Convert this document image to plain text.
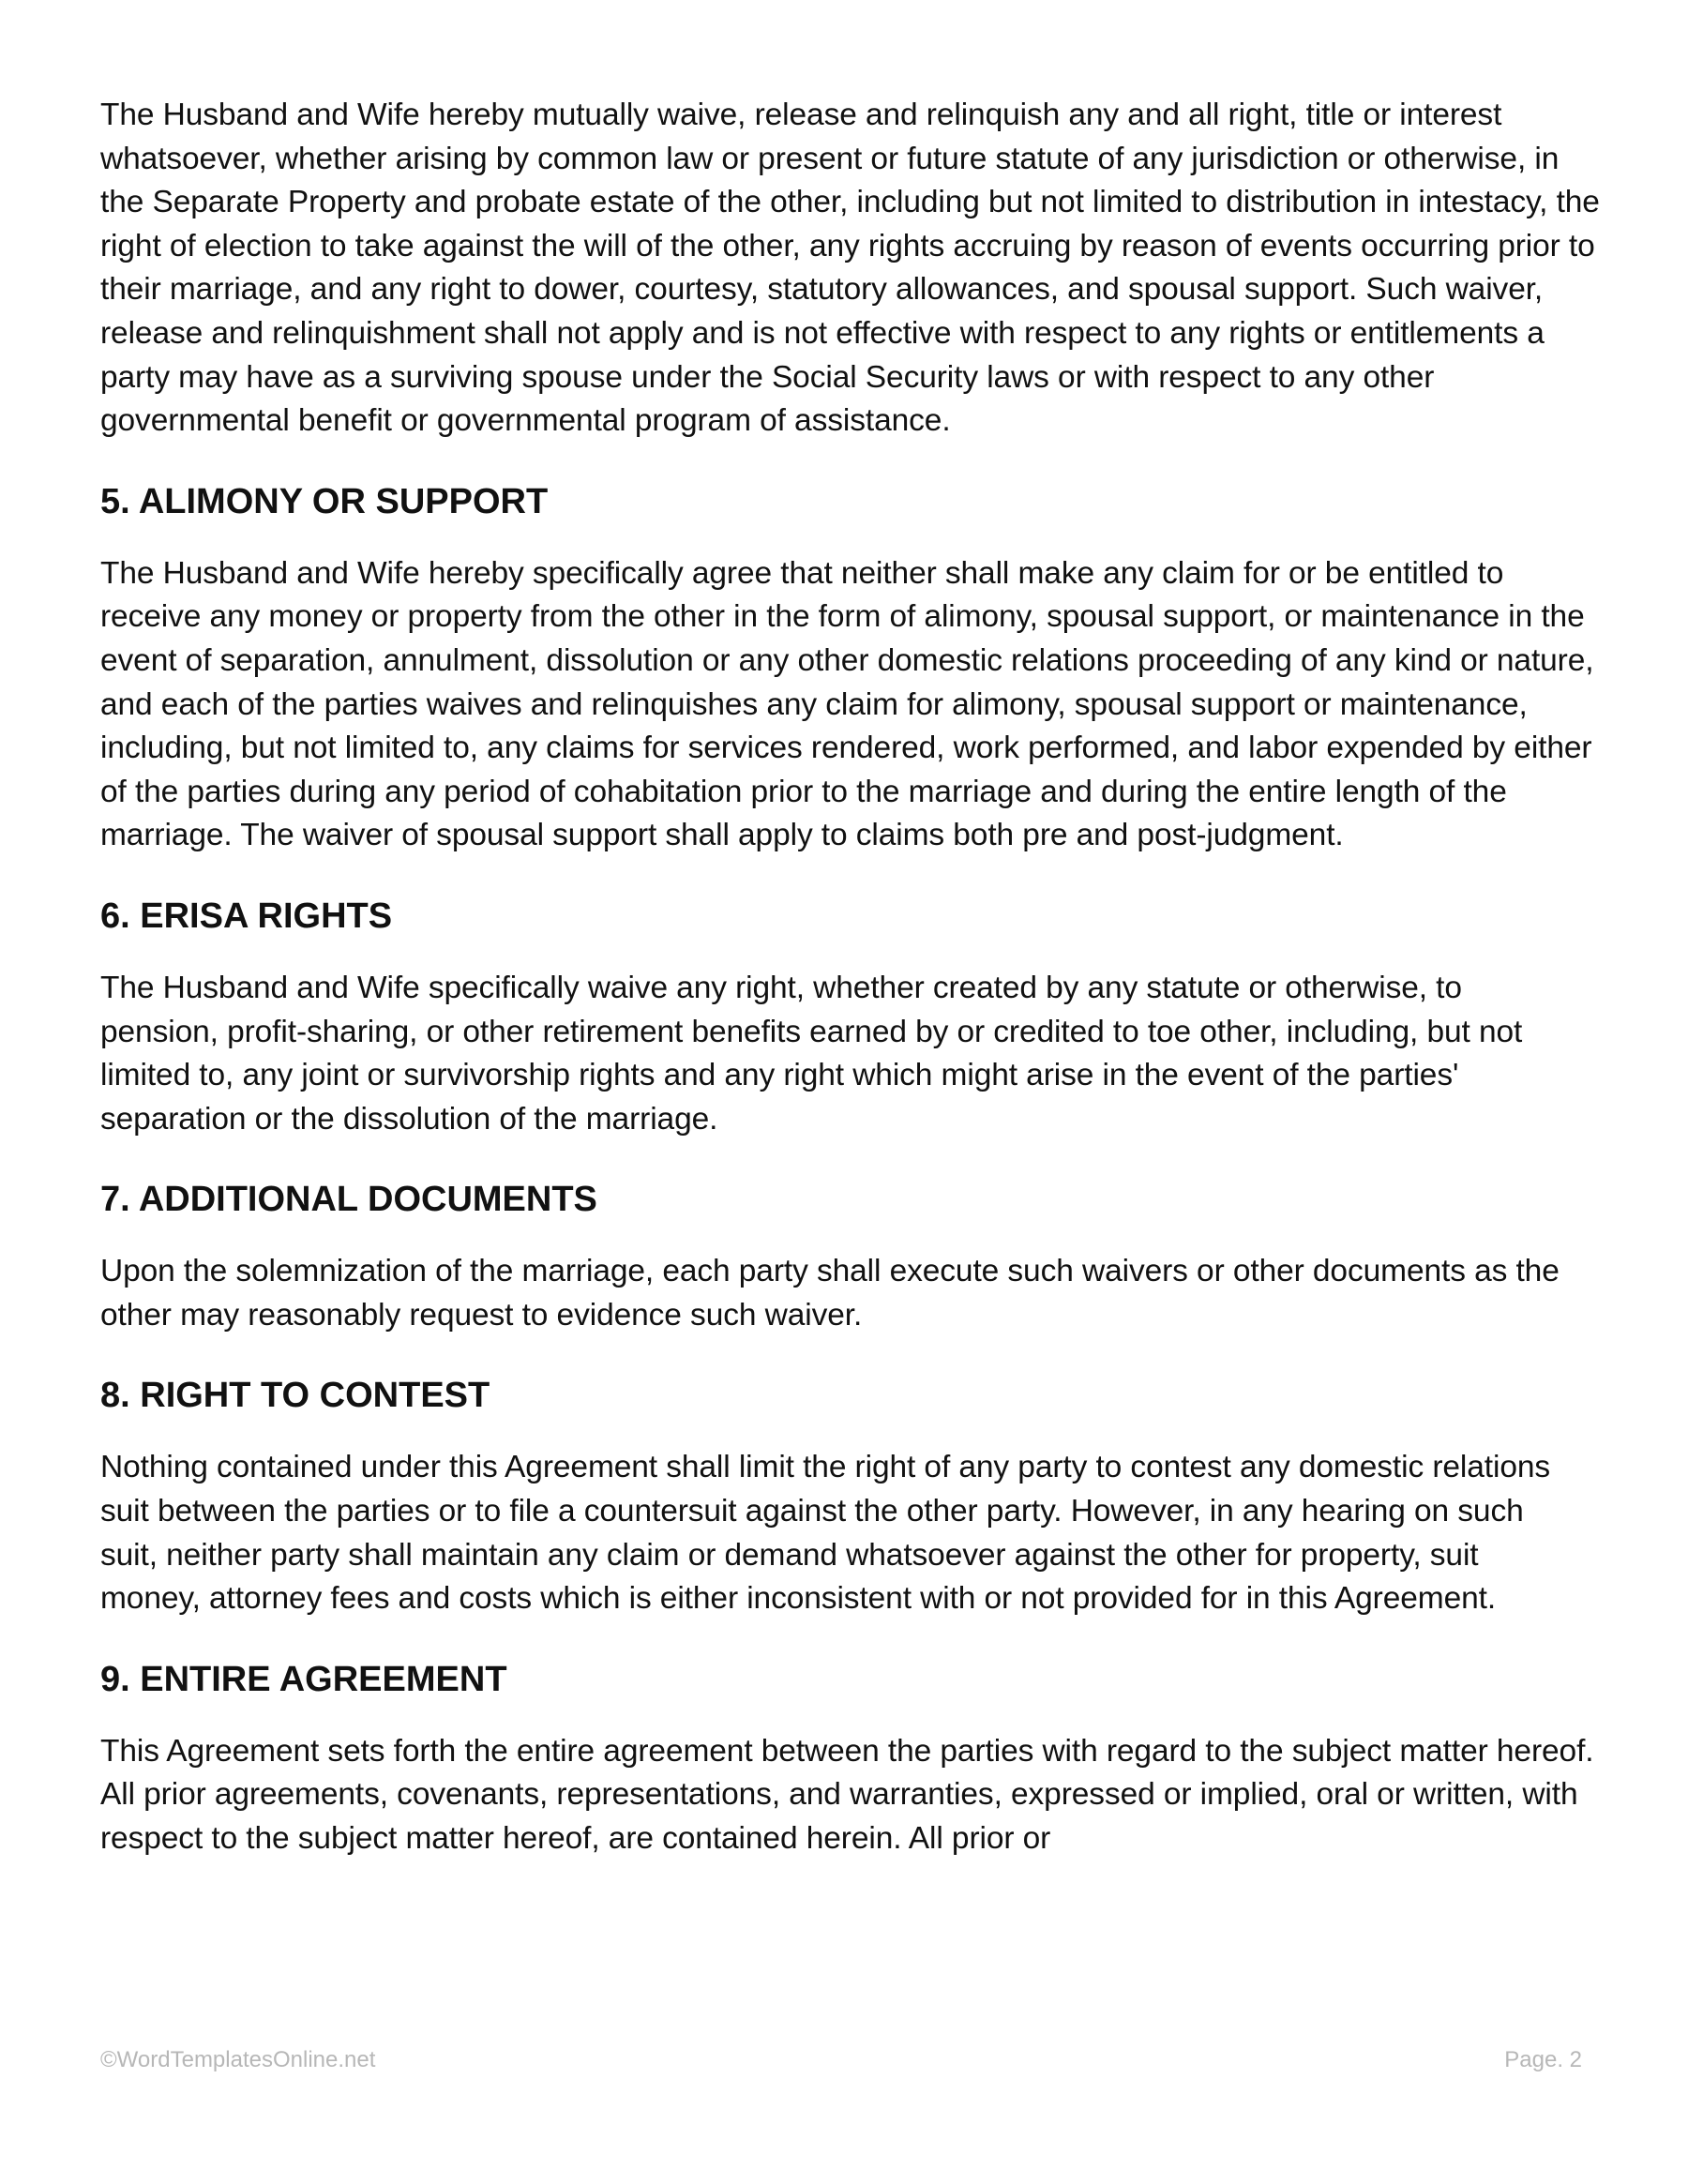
The Husband and Wife hereby mutually waive, release and relinquish any and all right, title or interest whatsoever, whether arising by common law or present or future statute of any jurisdiction or otherwise, in the Separate Property and probate estate of the other, including but not limited to distribution in intestacy, the right of election to take against the will of the other, any rights accruing by reason of events occurring prior to their marriage, and any right to dower, courtesy, statutory allowances, and spousal support. Such waiver, release and relinquishment shall not apply and is not effective with respect to any rights or entitlements a party may have as a surviving spouse under the Social Security laws or with respect to any other governmental benefit or governmental program of assistance.

5. ALIMONY OR SUPPORT

The Husband and Wife hereby specifically agree that neither shall make any claim for or be entitled to receive any money or property from the other in the form of alimony, spousal support, or maintenance in the event of separation, annulment, dissolution or any other domestic relations proceeding of any kind or nature, and each of the parties waives and relinquishes any claim for alimony, spousal support or maintenance, including, but not limited to, any claims for services rendered, work performed, and labor expended by either of the parties during any period of cohabitation prior to the marriage and during the entire length of the marriage. The waiver of spousal support shall apply to claims both pre and post-judgment.

6. ERISA RIGHTS

The Husband and Wife specifically waive any right, whether created by any statute or otherwise, to pension, profit-sharing, or other retirement benefits earned by or credited to toe other, including, but not limited to, any joint or survivorship rights and any right which might arise in the event of the parties' separation or the dissolution of the marriage.

7. ADDITIONAL DOCUMENTS

Upon the solemnization of the marriage, each party shall execute such waivers or other documents as the other may reasonably request to evidence such waiver.

8. RIGHT TO CONTEST

Nothing contained under this Agreement shall limit the right of any party to contest any domestic relations suit between the parties or to file a countersuit against the other party. However, in any hearing on such suit, neither party shall maintain any claim or demand whatsoever against the other for property, suit money, attorney fees and costs which is either inconsistent with or not provided for in this Agreement.

9. ENTIRE AGREEMENT

This Agreement sets forth the entire agreement between the parties with regard to the subject matter hereof. All prior agreements, covenants, representations, and warranties, expressed or implied, oral or written, with respect to the subject matter hereof, are contained herein. All prior or

©WordTemplatesOnline.net	Page. 2
